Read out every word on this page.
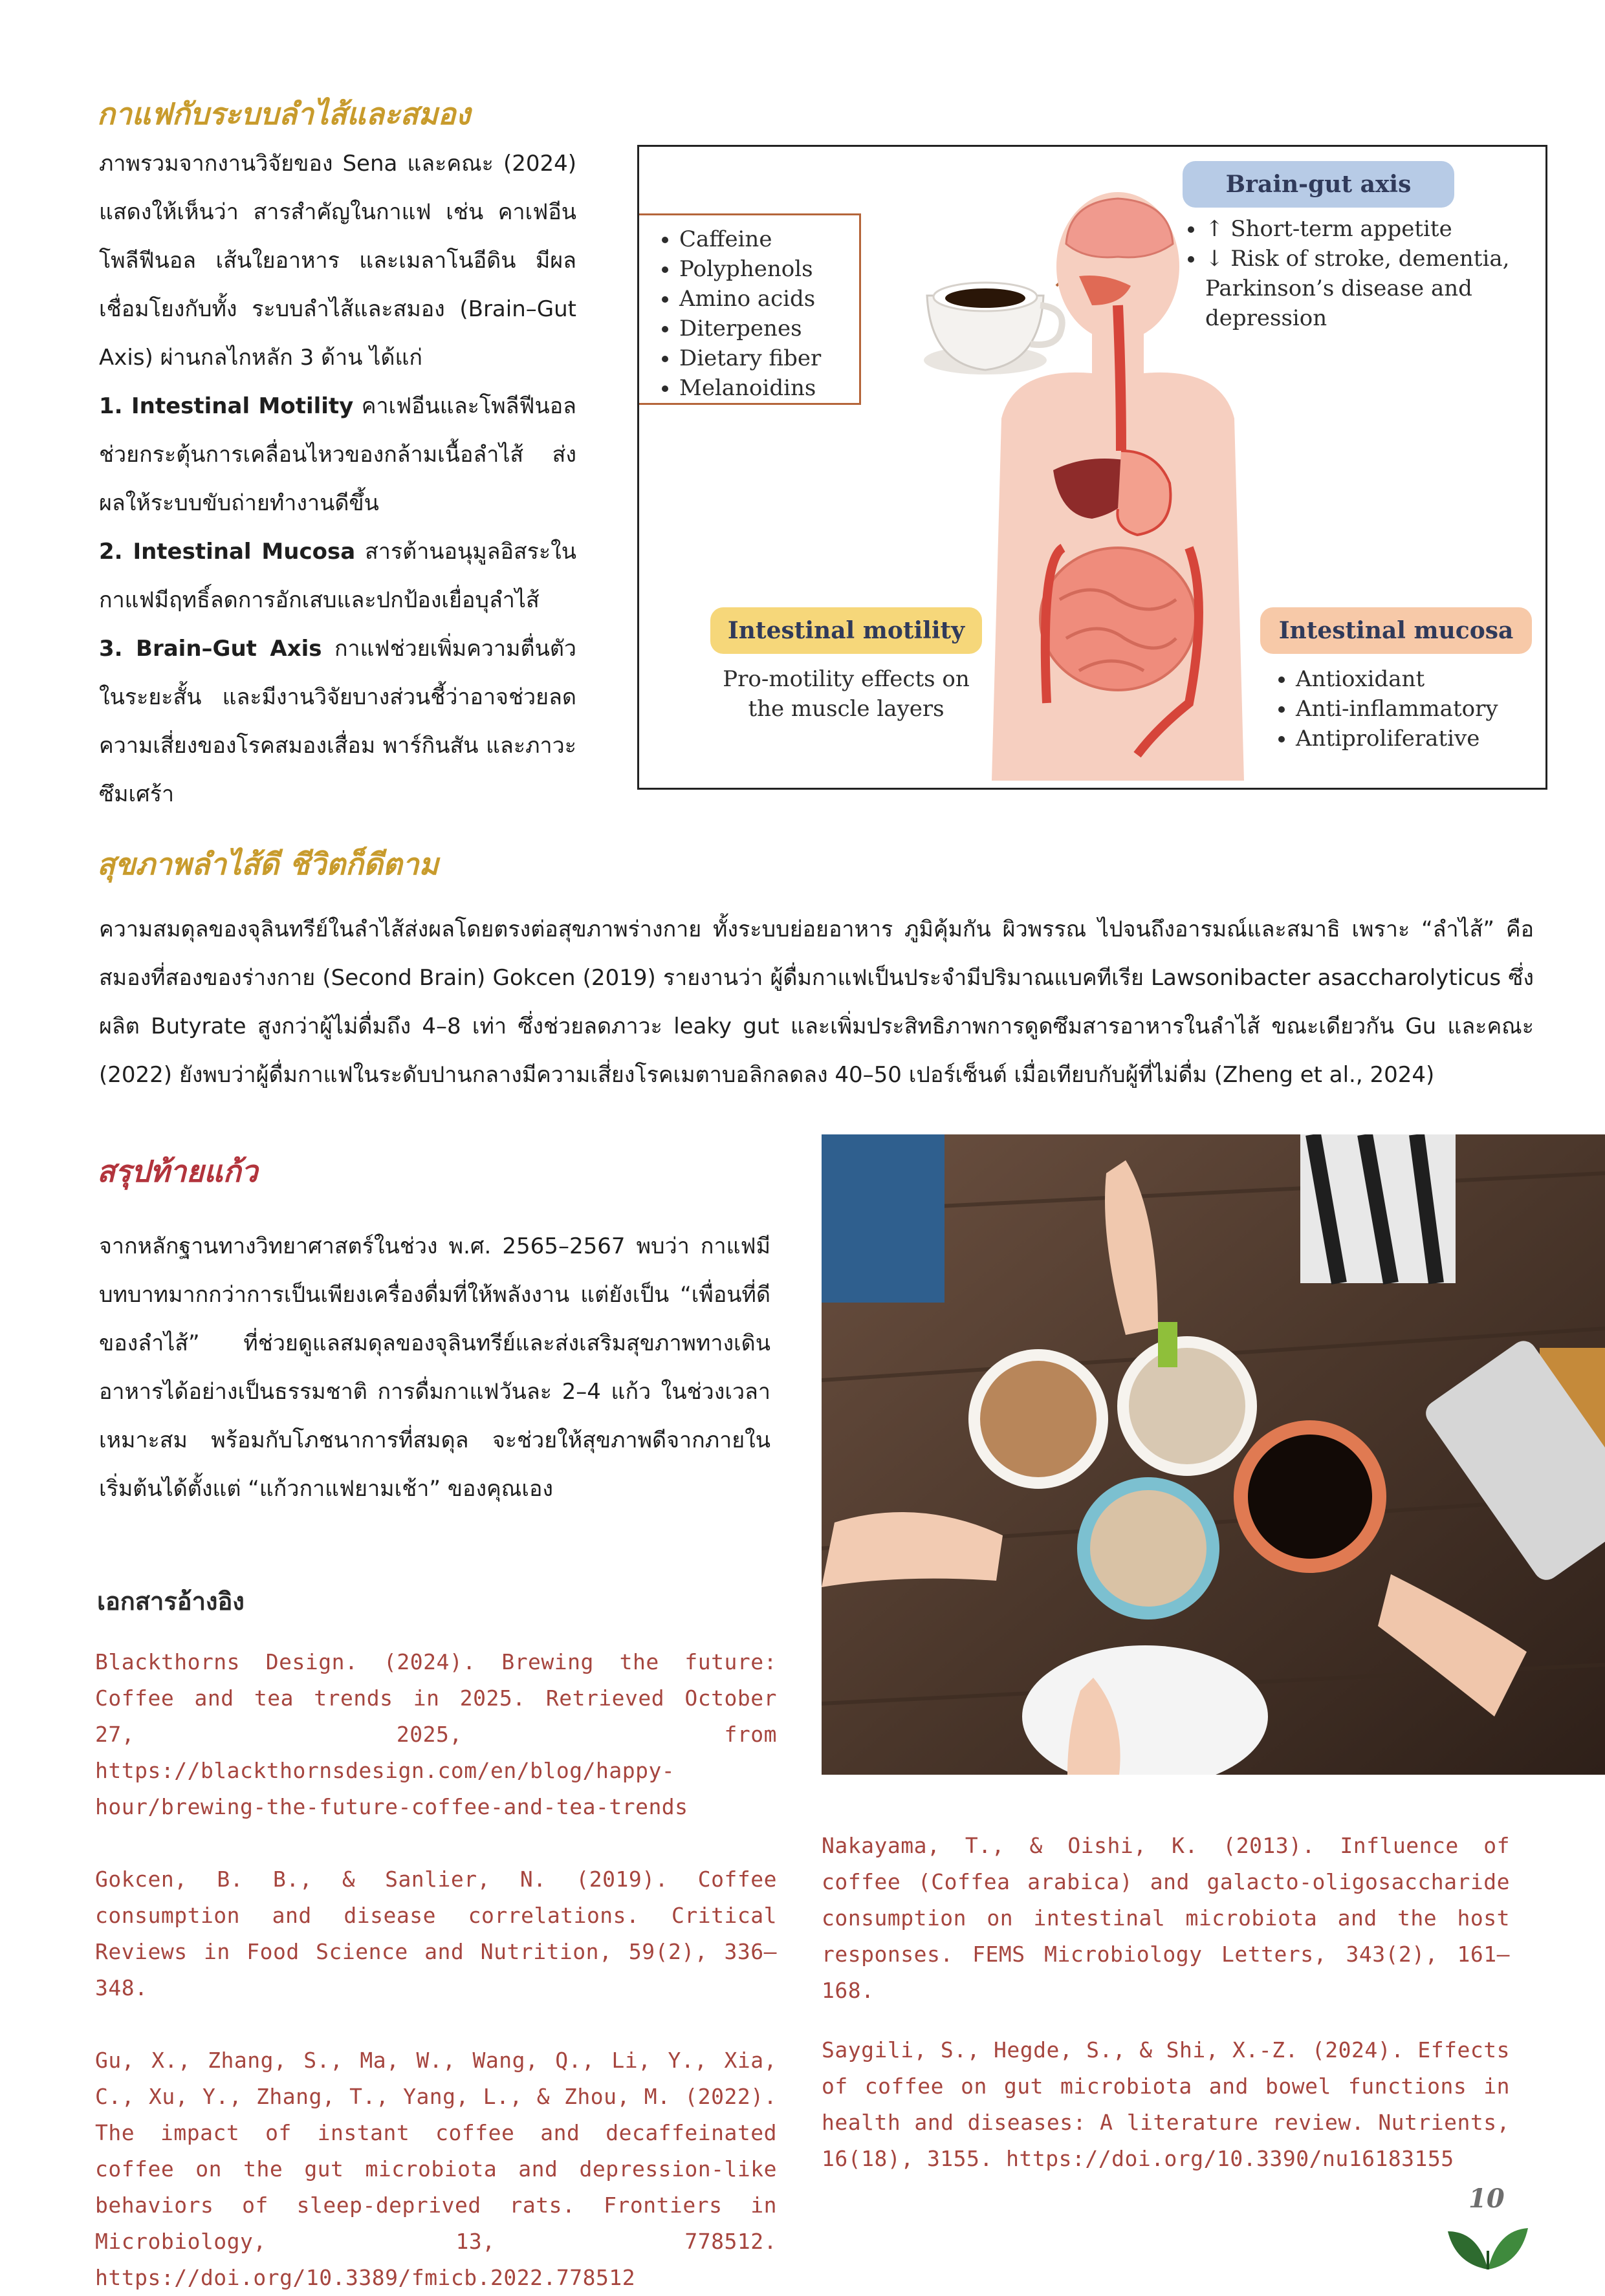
กาแฟกับระบบลำไส้และสมอง

ภาพรวมจากงานวิจัยของ Sena และคณะ (2024) แสดงให้เห็นว่า สารสำคัญในกาแฟ เช่น คาเฟอีน โพลีฟีนอล เส้นใยอาหาร และเมลาโนอีดิน มีผลเชื่อมโยงกับทั้ง ระบบลำไส้และสมอง (Brain–Gut Axis) ผ่านกลไกหลัก 3 ด้าน ได้แก่

1. Intestinal Motility คาเฟอีนและโพลีฟีนอลช่วยกระตุ้นการเคลื่อนไหวของกล้ามเนื้อลำไส้ ส่งผลให้ระบบขับถ่ายทำงานดีขึ้น

2. Intestinal Mucosa สารต้านอนุมูลอิสระในกาแฟมีฤทธิ์ลดการอักเสบและปกป้องเยื่อบุลำไส้

3. Brain–Gut Axis กาแฟช่วยเพิ่มความตื่นตัวในระยะสั้น และมีงานวิจัยบางส่วนชี้ว่าอาจช่วยลดความเสี่ยงของโรคสมองเสื่อม พาร์กินสัน และภาวะซึมเศร้า

• Caffeine
• Polyphenols
• Amino acids
• Diterpenes
• Dietary fiber
• Melanoidins
Brain-gut axis
• ↑ Short-term appetite
• ↓ Risk of stroke, dementia, Parkinson’s disease and depression
Intestinal motility
Pro-motility effects on the muscle layers
Intestinal mucosa
• Antioxidant
• Anti-inflammatory
• Antiproliferative
สุขภาพลำไส้ดี ชีวิตก็ดีตาม

ความสมดุลของจุลินทรีย์ในลำไส้ส่งผลโดยตรงต่อสุขภาพร่างกาย ทั้งระบบย่อยอาหาร ภูมิคุ้มกัน ผิวพรรณ ไปจนถึงอารมณ์และสมาธิ เพราะ “ลำไส้” คือสมองที่สองของร่างกาย (Second Brain) Gokcen (2019) รายงานว่า ผู้ดื่มกาแฟเป็นประจำมีปริมาณแบคทีเรีย Lawsonibacter asaccharolyticus ซึ่งผลิต Butyrate สูงกว่าผู้ไม่ดื่มถึง 4–8 เท่า ซึ่งช่วยลดภาวะ leaky gut และเพิ่มประสิทธิภาพการดูดซึมสารอาหารในลำไส้ ขณะเดียวกัน Gu และคณะ (2022) ยังพบว่าผู้ดื่มกาแฟในระดับปานกลางมีความเสี่ยงโรคเมตาบอลิกลดลง 40–50 เปอร์เซ็นต์ เมื่อเทียบกับผู้ที่ไม่ดื่ม (Zheng et al., 2024)

สรุปท้ายแก้ว

จากหลักฐานทางวิทยาศาสตร์ในช่วง พ.ศ. 2565–2567 พบว่า กาแฟมีบทบาทมากกว่าการเป็นเพียงเครื่องดื่มที่ให้พลังงาน แต่ยังเป็น “เพื่อนที่ดีของลำไส้” ที่ช่วยดูแลสมดุลของจุลินทรีย์และส่งเสริมสุขภาพทางเดินอาหารได้อย่างเป็นธรรมชาติ การดื่มกาแฟวันละ 2–4 แก้ว ในช่วงเวลาเหมาะสม พร้อมกับโภชนาการที่สมดุล จะช่วยให้สุขภาพดีจากภายใน เริ่มต้นได้ตั้งแต่ “แก้วกาแฟยามเช้า” ของคุณเอง

เอกสารอ้างอิง

Blackthorns Design. (2024). Brewing the future: Coffee and tea trends in 2025. Retrieved October 27, 2025, from https://blackthornsdesign.com/en/blog/happy-hour/brewing-the-future-coffee-and-tea-trends

Gokcen, B. B., & Sanlier, N. (2019). Coffee consumption and disease correlations. Critical Reviews in Food Science and Nutrition, 59(2), 336–348.

Gu, X., Zhang, S., Ma, W., Wang, Q., Li, Y., Xia, C., Xu, Y., Zhang, T., Yang, L., & Zhou, M. (2022). The impact of instant coffee and decaffeinated coffee on the gut microbiota and depression-like behaviors of sleep-deprived rats. Frontiers in Microbiology, 13, 778512. https://doi.org/10.3389/fmicb.2022.778512

Nakayama, T., & Oishi, K. (2013). Influence of coffee (Coffea arabica) and galacto-oligosaccharide consumption on intestinal microbiota and the host responses. FEMS Microbiology Letters, 343(2), 161–168.

Saygili, S., Hegde, S., & Shi, X.-Z. (2024). Effects of coffee on gut microbiota and bowel functions in health and diseases: A literature review. Nutrients, 16(18), 3155. https://doi.org/10.3390/nu16183155

10
